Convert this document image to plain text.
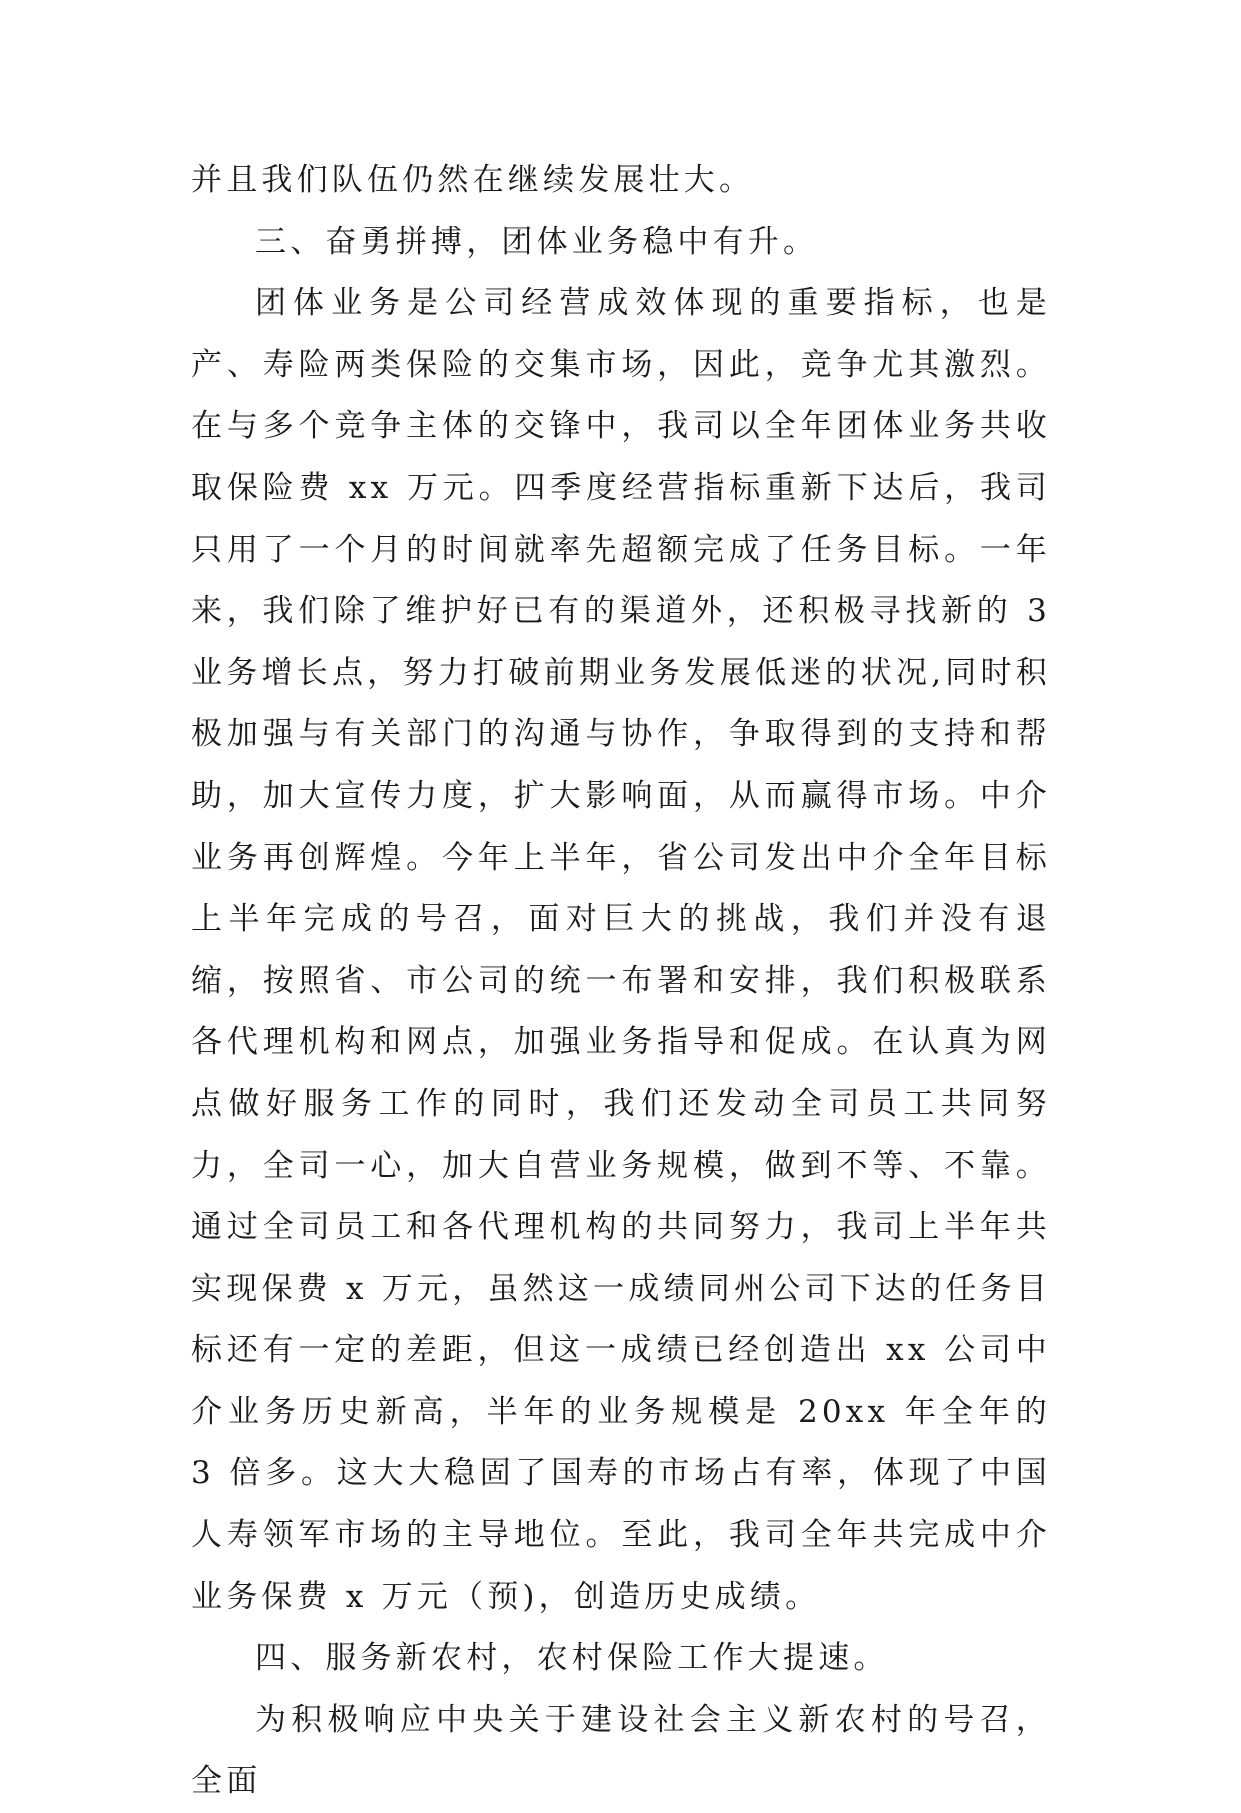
并且我们队伍仍然在继续发展壮大。

三、奋勇拼搏，团体业务稳中有升。

团体业务是公司经营成效体现的重要指标，也是产、寿险两类保险的交集市场，因此，竞争尤其激烈。在与多个竞争主体的交锋中，我司以全年团体业务共收取保险费 xx 万元。四季度经营指标重新下达后，我司只用了一个月的时间就率先超额完成了任务目标。一年来，我们除了维护好已有的渠道外，还积极寻找新的 3 业务增长点，努力打破前期业务发展低迷的状况,同时积极加强与有关部门的沟通与协作，争取得到的支持和帮助，加大宣传力度，扩大影响面，从而赢得市场。中介业务再创辉煌。今年上半年，省公司发出中介全年目标上半年完成的号召，面对巨大的挑战，我们并没有退缩，按照省、市公司的统一布署和安排，我们积极联系各代理机构和网点，加强业务指导和促成。在认真为网点做好服务工作的同时，我们还发动全司员工共同努力，全司一心，加大自营业务规模，做到不等、不靠。通过全司员工和各代理机构的共同努力，我司上半年共实现保费 x 万元，虽然这一成绩同州公司下达的任务目标还有一定的差距，但这一成绩已经创造出 xx 公司中介业务历史新高，半年的业务规模是 20xx 年全年的 3 倍多。这大大稳固了国寿的市场占有率，体现了中国人寿领军市场的主导地位。至此，我司全年共完成中介业务保费 x 万元（预)，创造历史成绩。

四、服务新农村，农村保险工作大提速。

为积极响应中央关于建设社会主义新农村的号召，全面
